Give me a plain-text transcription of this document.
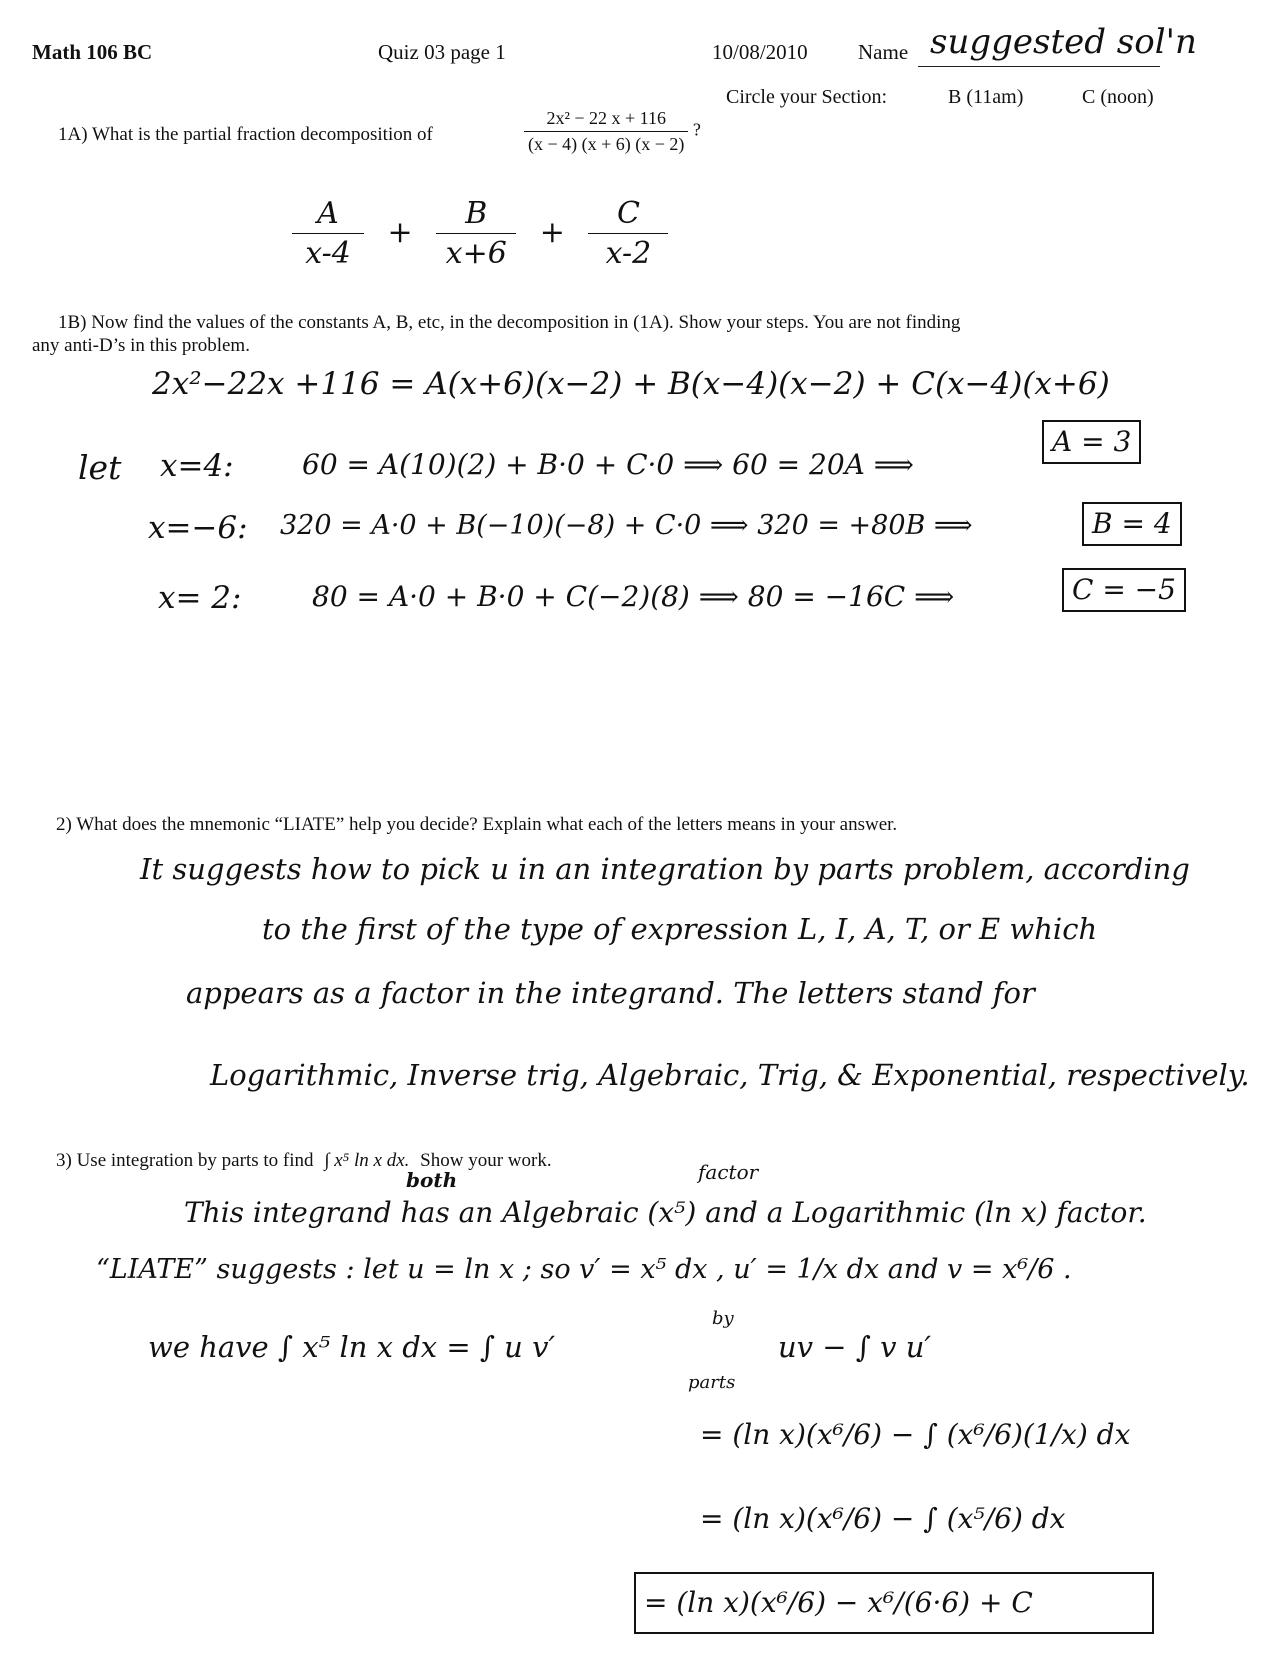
Math 106 BC	Quiz 03 page 1	10/08/2010 Name suggested sol'n
Circle your Section:	B (11am)	C (noon)
1A) What is the partial fraction decomposition of	$\frac{\text{2x² − 22 x + 116}}{(x - 4) (x + 6) (x - 2)}$ ?
$\frac{A}{x-4} + \frac{B}{x+6} + \frac{C}{x-2}$
1B) Now find the values of the constants A, B, etc, in the decomposition in (1A). Show your steps. You are not finding
any anti-D’s in this problem.
2x²−22x +116 = A(x+6)(x−2) + B(x−4)(x−2) + C(x−4)(x+6)
let x=4: 60 = A(10)(2) + B·0 + C·0 ⟹ 60 = 20A ⟹
A = 3
x=−6: 320 = A·0 + B(−10)(−8) + C·0 ⟹ 320 = +80B ⟹	B = 4
x= 2:	80 = A·0 + B·0 + C(−2)(8) ⟹ 80 = −16C ⟹	C = −5
2) What does the mnemonic “LIATE” help you decide? Explain what each of the letters means in your answer.
It suggests how to pick u in an integration by parts problem, according
to the first of the type of expression L, I, A, T, or E which
appears as a factor in the integrand. The letters stand for
Logarithmic, Inverse trig, Algebraic, Trig, & Exponential, respectively.
3) Use integration by parts to find ∫ x⁵ ln x dx. Show your work.
both	factor
This integrand has an Algebraic (x⁵) and a Logarithmic (ln x) factor.
“LIATE” suggests : let u = ln x ; so v′ = x⁵ dx , u′ = 1/x dx and v = x⁶/6 .
we have ∫ x⁵ ln x dx = ∫ u v′
by
parts
uv − ∫ v u′
= (ln x)(x⁶/6) − ∫ (x⁶/6)(1/x) dx
= (ln x)(x⁶/6) − ∫ (x⁵/6) dx
= (ln x)(x⁶/6) − x⁶/(6·6) + C
